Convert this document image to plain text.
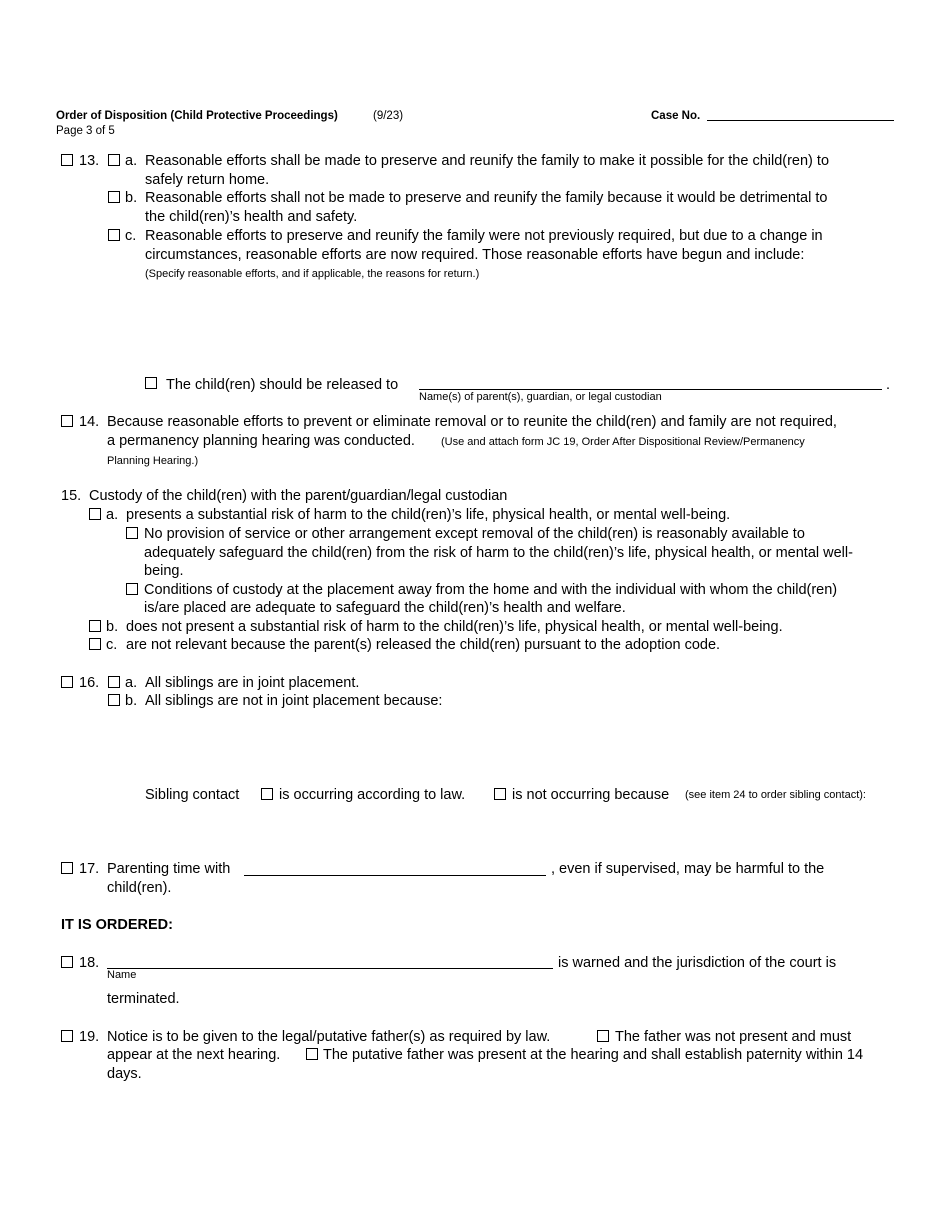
Order of Disposition (Child Protective Proceedings)	(9/23)
Page 3 of 5
Case No.
13. a. Reasonable efforts shall be made to preserve and reunify the family to make it possible for the child(ren) to
safely return home.
b. Reasonable efforts shall not be made to preserve and reunify the family because it would be detrimental to
the child(ren)’s health and safety.
c. Reasonable efforts to preserve and reunify the family were not previously required, but due to a change in
circumstances, reasonable efforts are now required. Those reasonable efforts have begun and include:
(Specify reasonable efforts, and if applicable, the reasons for return.)
The child(ren) should be released to	.
Name(s) of parent(s), guardian, or legal custodian
14. Because reasonable efforts to prevent or eliminate removal or to reunite the child(ren) and family are not required,
a permanency planning hearing was conducted. (Use and attach form JC 19, Order After Dispositional Review/Permanency
Planning Hearing.)
15. Custody of the child(ren) with the parent/guardian/legal custodian
a. presents a substantial risk of harm to the child(ren)’s life, physical health, or mental well-being.
No provision of service or other arrangement except removal of the child(ren) is reasonably available to
adequately safeguard the child(ren) from the risk of harm to the child(ren)’s life, physical health, or mental well-
being.
Conditions of custody at the placement away from the home and with the individual with whom the child(ren)
is/are placed are adequate to safeguard the child(ren)’s health and welfare.
b. does not present a substantial risk of harm to the child(ren)’s life, physical health, or mental well-being.
c. are not relevant because the parent(s) released the child(ren) pursuant to the adoption code.
16. a. All siblings are in joint placement.
b. All siblings are not in joint placement because:
Sibling contact	is occurring according to law.	is not occurring because (see item 24 to order sibling contact):
17. Parenting time with	, even if supervised, may be harmful to the
child(ren).
IT IS ORDERED:
18.	is warned and the jurisdiction of the court is
Name
terminated.
19. Notice is to be given to the legal/putative father(s) as required by law.	The father was not present and must
appear at the next hearing.	The putative father was present at the hearing and shall establish paternity within 14
days.
